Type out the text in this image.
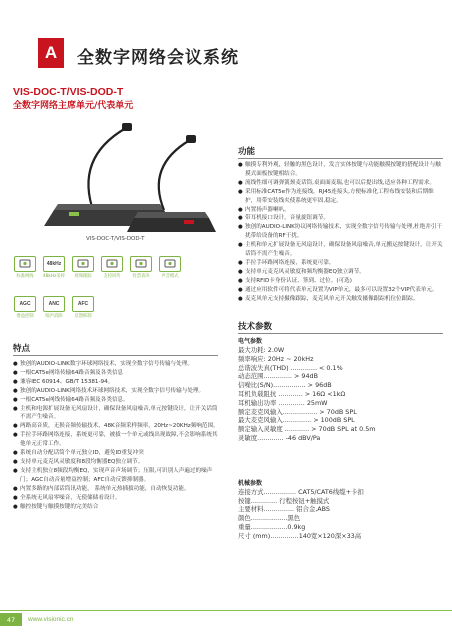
A	全数字网络会议系统
VIS-DOC-T/VIS-DOD-T
全数字网络主席单元/代表单元
VIS-DOC-T/VIS-DOD-T
标准网线
48kHz
48kHz采样 视频跟踪	支持同传	投票表决	声音模式
AGC
增益控制
ANC
噪声消除
AFC
反馈抑制
功能
● 触摸专利外观，轻触的黑色设计，发言实体按键与功能触摸按键的搭配设计与触摸式面板按键相结合。
● 流线性细可调弹簧颈麦话筒,桌面面麦瑞,也可以后提出线,适应各种工程需求。
● 采用标准CAT5e作为连接线，RJ45连接头,方便标准化工程布线安装和后期维护，用带安装线夹使系统更牢固,稳定。
● 内置扬声器喇叭。
● 带耳机接口设计，音量旋钮调节。
● 独创的AUDIO-LINK协议网络传输技术，实现全数字信号传输与处理,杜绝并引干扰带给设备的RF干扰。
● 主机和单元扩展设备无风扇设计，确保设备风扇噪音,单元搬运按键设计，让开关话筒不需产生噪音。
● 手拉手环路网络连接，系统更可靠。
● 支持单元麦克风灵敏度和频均衡器EQ独立调节。
● 支持RFID卡身份认证、签到、过位。(可选)
● 通过应用软件可将代表单元设置为VIP单元，最多可以设置32个VIP代表单元。
● 麦克风单元支持摄像跟踪，麦克风单元开关触发摄像跟踪机位位跟踪。
特点
● 独创的AUDIO-LINK数字环球网络技术，实现全数字信号传输与处理。
● 一根CAT5e网络传输64路音频及各类信息
● 兼容IEC 60914、GB/T 15381-94。
● 独创的AUDIO-LINK网络技术环球网络技术，实现全数字信号传输与处理。
● 一根CAT5e网线传输64路音频及各类信息。
● 主机和电源扩展设备无风扇设计，确保设备风扇噪音,单元按键设计，让开关话筒不需产生噪音。
● 两路高音质，无损音频传输技术，48K音频采样频率，20Hz~20KHz频响范围。
● 手拉手环路网络连接，系统更可靠，被拔一个单元或线出现故障,不会影响系统其他单元正常工作。
● 系统自动分配话筒个单元独立ID，避免ID重复冲突
● 支持单元麦克风灵敏度和8段均衡器EQ独立调节。
● 支持主机独立8频段均衡EQ，实现声音声场调节；压限,可识别人声遍过的噪声门；AGC自动音量增益控制；AFC自动反馈抑制器。
● 内置多路的内部话筒讯功能， 系统单元热插拔功能，自动恢复功能。
● 全系统无风扇零噪音，无使储储看设计。
● 触控按键与触摸按键的完美结合
技术参数
电气参数
最大功耗: 2.0W
频率响应: 20Hz ~ 20kHz
总谐波失真(THD) ............. < 0.1%
动态范围.............. > 94dB
信噪比(S/N)................ > 96dB
耳机负载阻抗 ............ > 16Ω <1kΩ
耳机输出功率 ............. 25mW
额定麦克风输入................. > 70dB SPL
最大麦克风输入.............. > 100dB SPL
额定输入灵敏度 ............ > 70dB SPL at 0.5m
灵敏度............. -46 dBV/Pa
机械参数
连接方式................ CAT5/CAT6线缆+卡扣
按键............. 行程按钮+触摸式
主要材料............... 铝合金,ABS
颜色..................黑色
重量..................0.9kg
尺寸 (mm)..............140宽×120深×33高
47	www.visionic.cn
